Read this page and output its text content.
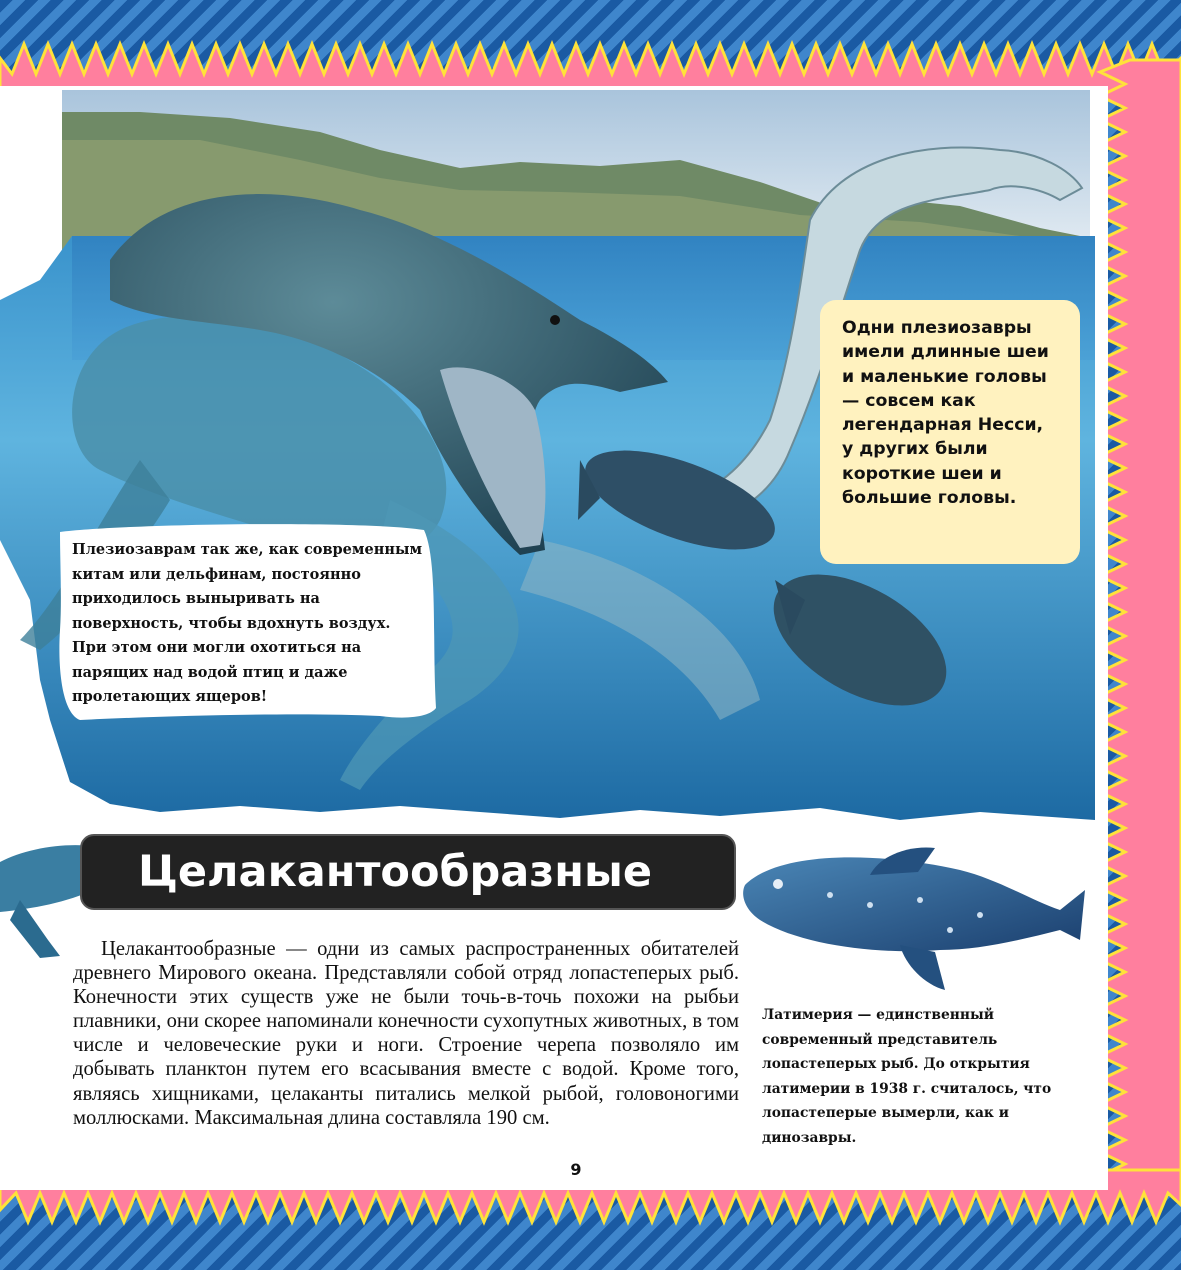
Плезиозаврам так же, как современным китам или дельфинам, постоянно приходилось выныривать на поверхность, чтобы вдохнуть воздух. При этом они могли охотиться на парящих над водой птиц и даже пролетающих ящеров!
Одни плезиозавры имели длинные шеи и маленькие головы — совсем как легендарная Несси, у других были короткие шеи и большие головы.
Целакантообразные
Целакантообразные — одни из самых распространенных обитателей древнего Мирового океана. Представляли собой отряд лопастеперых рыб. Конечности этих существ уже не были точь-в-точь похожи на рыбьи плавники, они скорее напоминали конечности сухопутных животных, в том числе и человеческие руки и ноги. Строение черепа позволяло им добывать планктон путем его всасывания вместе с водой. Кроме того, являясь хищниками, целаканты питались мелкой рыбой, головоногими моллюсками. Максимальная длина составляла 190 см.
Латимерия — единственный современный представитель лопастеперых рыб. До открытия латимерии в 1938 г. считалось, что лопастеперые вымерли, как и динозавры.
9
